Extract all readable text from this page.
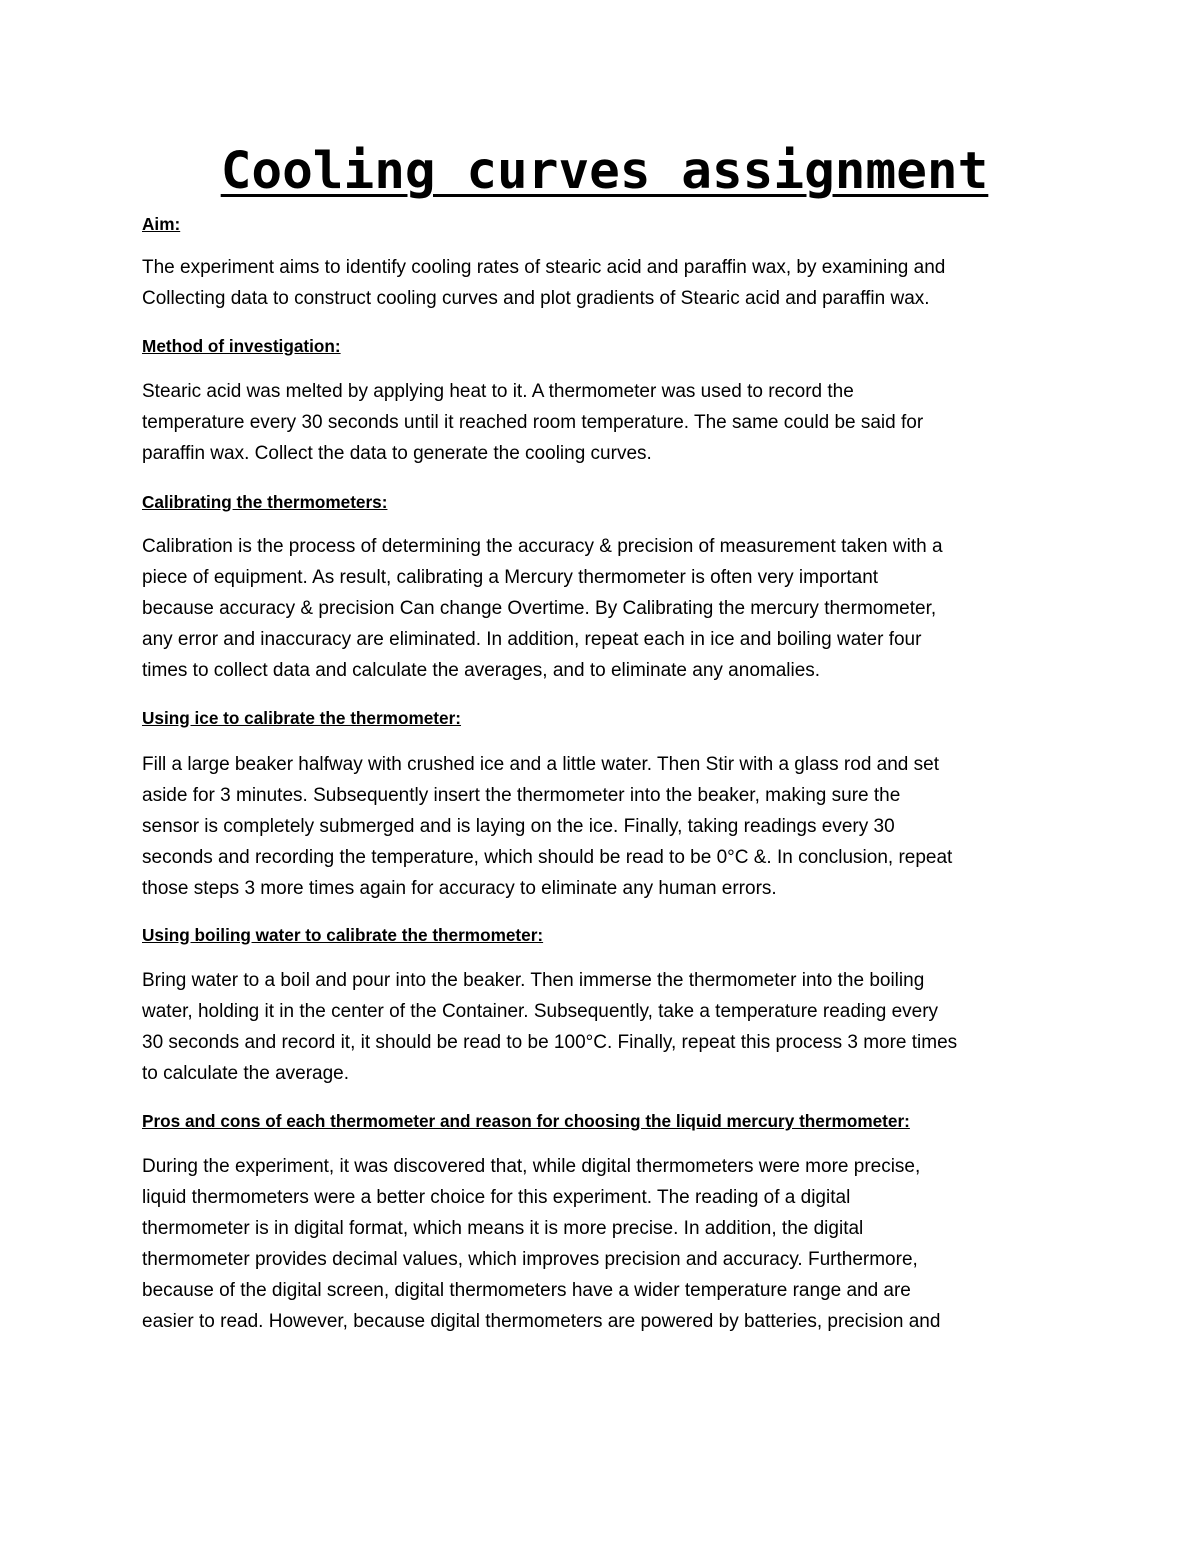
Cooling curves assignment
Aim:

The experiment aims to identify cooling rates of stearic acid and paraffin wax, by examining and
Collecting data to construct cooling curves and plot gradients of Stearic acid and paraffin wax.

Method of investigation:

Stearic acid was melted by applying heat to it. A thermometer was used to record the
temperature every 30 seconds until it reached room temperature. The same could be said for
paraffin wax. Collect the data to generate the cooling curves.

Calibrating the thermometers:

Calibration is the process of determining the accuracy & precision of measurement taken with a
piece of equipment. As result, calibrating a Mercury thermometer is often very important
because accuracy & precision Can change Overtime. By Calibrating the mercury thermometer,
any error and inaccuracy are eliminated. In addition, repeat each in ice and boiling water four
times to collect data and calculate the averages, and to eliminate any anomalies.

Using ice to calibrate the thermometer:

Fill a large beaker halfway with crushed ice and a little water. Then Stir with a glass rod and set
aside for 3 minutes. Subsequently insert the thermometer into the beaker, making sure the
sensor is completely submerged and is laying on the ice. Finally, taking readings every 30
seconds and recording the temperature, which should be read to be 0°C &. In conclusion, repeat
those steps 3 more times again for accuracy to eliminate any human errors.

Using boiling water to calibrate the thermometer:

Bring water to a boil and pour into the beaker. Then immerse the thermometer into the boiling
water, holding it in the center of the Container. Subsequently, take a temperature reading every
30 seconds and record it, it should be read to be 100°C. Finally, repeat this process 3 more times
to calculate the average.

Pros and cons of each thermometer and reason for choosing the liquid mercury thermometer:

During the experiment, it was discovered that, while digital thermometers were more precise,
liquid thermometers were a better choice for this experiment. The reading of a digital
thermometer is in digital format, which means it is more precise. In addition, the digital
thermometer provides decimal values, which improves precision and accuracy. Furthermore,
because of the digital screen, digital thermometers have a wider temperature range and are
easier to read. However, because digital thermometers are powered by batteries, precision and
